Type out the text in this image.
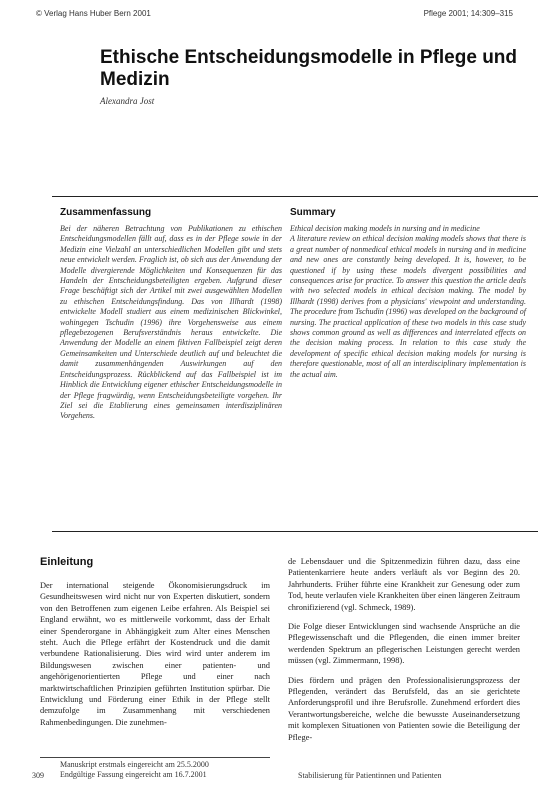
© Verlag Hans Huber Bern 2001	Pflege 2001; 14:309–315
Ethische Entscheidungsmodelle in Pflege und Medizin
Alexandra Jost
Zusammenfassung

Bei der näheren Betrachtung von Publikationen zu ethischen Entscheidungsmodellen fällt auf, dass es in der Pflege sowie in der Medizin eine Vielzahl an unterschiedlichen Modellen gibt und stets neue entwickelt werden. Fraglich ist, ob sich aus der Anwendung der Modelle divergierende Möglichkeiten und Konsequenzen für das Handeln der Entscheidungsbeteiligten ergeben. Aufgrund dieser Frage beschäftigt sich der Artikel mit zwei ausgewählten Modellen zu ethischen Entscheidungsfindung. Das von Illhardt (1998) entwickelte Modell studiert aus einem medizinischen Blickwinkel, wohingegen Tschudin (1996) ihre Vorgehensweise aus einem pflegebezogenen Berufsverständnis heraus entwickelte. Die Anwendung der Modelle an einem fiktiven Fallbeispiel zeigt deren Gemeinsamkeiten und Unterschiede deutlich auf und beleuchtet die damit zusammenhängenden Auswirkungen auf den Entscheidungsprozess. Rückblickend auf das Fallbeispiel ist im Hinblick die Entwicklung eigener ethischer Entscheidungsmodelle in der Pflege fragwürdig, wenn Entscheidungsbeteiligte vorgehen. Ihr Ziel sei die Etablierung eines gemeinsamen interdisziplinären Vorgehens.

Summary

Ethical decision making models in nursing and in medicine

A literature review on ethical decision making models shows that there is a great number of nonmedical ethical models in nursing and in medicine and new ones are constantly being developed. It is, however, to be questioned if by using these models divergent possibilities and consequences arise for practice. To answer this question the article deals with two selected models in ethical decision making. The model by Illhardt (1998) derives from a physicians' viewpoint and understanding. The procedure from Tschudin (1996) was developed on the background of nursing. The practical application of these two models in this case study shows common ground as well as differences and interrelated effects on the decision making process. In relation to this case study the development of specific ethical decision making models for nursing is therefore questionable, most of all an interdisciplinary implementation is the actual aim.

Einleitung

Der international steigende Ökonomisierungsdruck im Gesundheitswesen wird nicht nur von Experten diskutiert, sondern von den Betroffenen zum eigenen Leibe erfahren. Als Beispiel sei England erwähnt, wo es mittlerweile vorkommt, dass der Erhalt einer Spenderorgane in Abhängigkeit zum Alter eines Menschen steht. Auch die Pflege erfährt der Kostendruck und die damit verbundene Rationalisierung. Dies wird wird unter anderem im Bildungswesen zwischen einer patienten- und angehörigenorientierten Pflege und einer nach marktwirtschaftlichen Prinzipien geführten Institution spürbar. Die Entwicklung und Förderung einer Ethik in der Pflege stellt demzufolge im Zusammenhang mit verschiedenen Rahmenbedingungen. Die zunehmen-

de Lebensdauer und die Spitzenmedizin führen dazu, dass eine Patientenkarriere heute anders verläuft als vor Beginn des 20. Jahrhunderts. Früher führte eine Krankheit zur Genesung oder zum Tod, heute verlaufen viele Krankheiten über einen längeren Zeitraum chronifizierend (vgl. Schmeck, 1989).

Die Folge dieser Entwicklungen sind wachsende Ansprüche an die Pflegewissenschaft und die Pflegenden, die einen immer breiter werdenden Spektrum an pflegerischen Leistungen gerecht werden müssen (vgl. Zimmermann, 1998).

Dies fördern und prägen den Professionalisierungsprozess der Pflegenden, verändert das Berufsfeld, das an sie gerichtete Anforderungsprofil und ihre Berufsrolle. Zunehmend erfordert dies Verantwortungsbereiche, welche die bewusste Auseinandersetzung mit komplexen Situationen von Patienten sowie die Beteiligung der Pflege-

Manuskript erstmals eingereicht am 25.5.2000
Endgültige Fassung eingereicht am 16.7.2001
309	Stabilisierung für Patientinnen und Patienten
